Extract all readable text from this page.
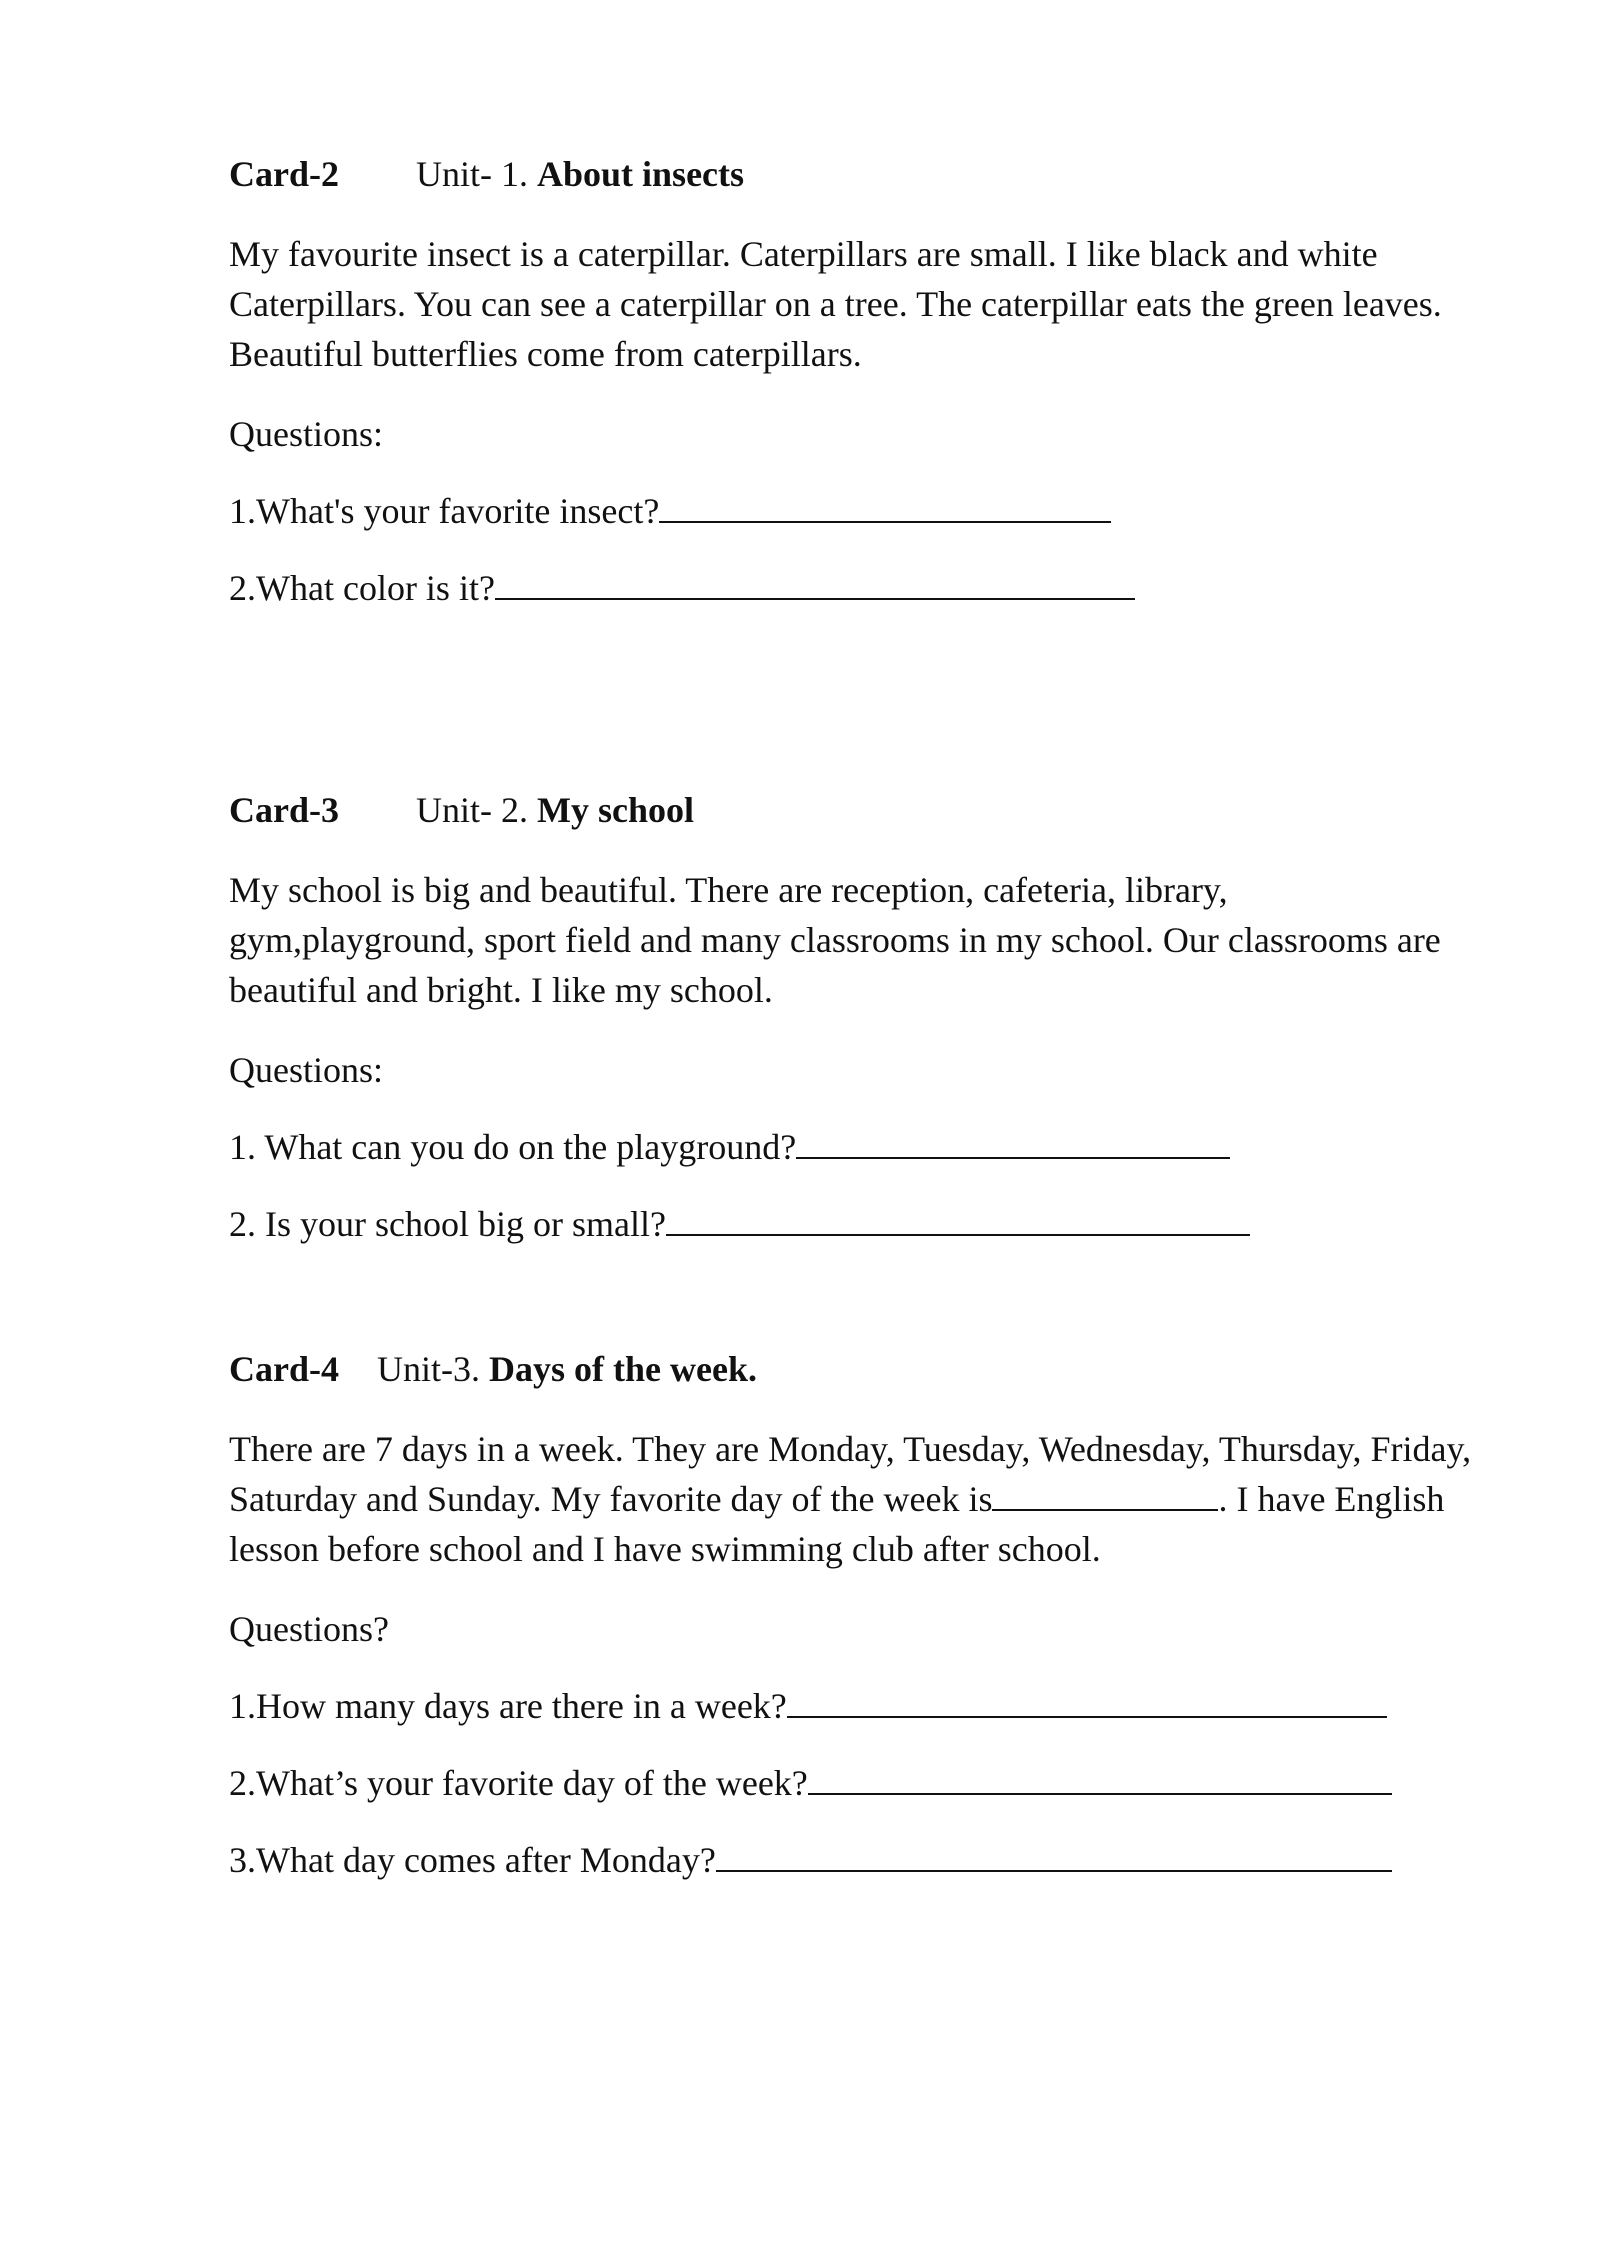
Card-2 Unit- 1. About insects

My favourite insect is a caterpillar. Caterpillars are small. I like black and white Caterpillars. You can see a caterpillar on a tree. The caterpillar eats the green leaves. Beautiful butterflies come from caterpillars.

Questions:

1.What's your favorite insect?

2.What color is it?

Card-3 Unit- 2. My school

My school is big and beautiful. There are reception, cafeteria, library, gym,playground, sport field and many classrooms in my school. Our classrooms are beautiful and bright. I like my school.

Questions:

1. What can you do on the playground?

2. Is your school big or small?

Card-4 Unit-3. Days of the week.

There are 7 days in a week. They are Monday, Tuesday, Wednesday, Thursday, Friday, Saturday and Sunday. My favorite day of the week is	. I have English lesson before school and I have swimming club after school.

Questions?

1.How many days are there in a week?

2.What’s your favorite day of the week?

3.What day comes after Monday?
